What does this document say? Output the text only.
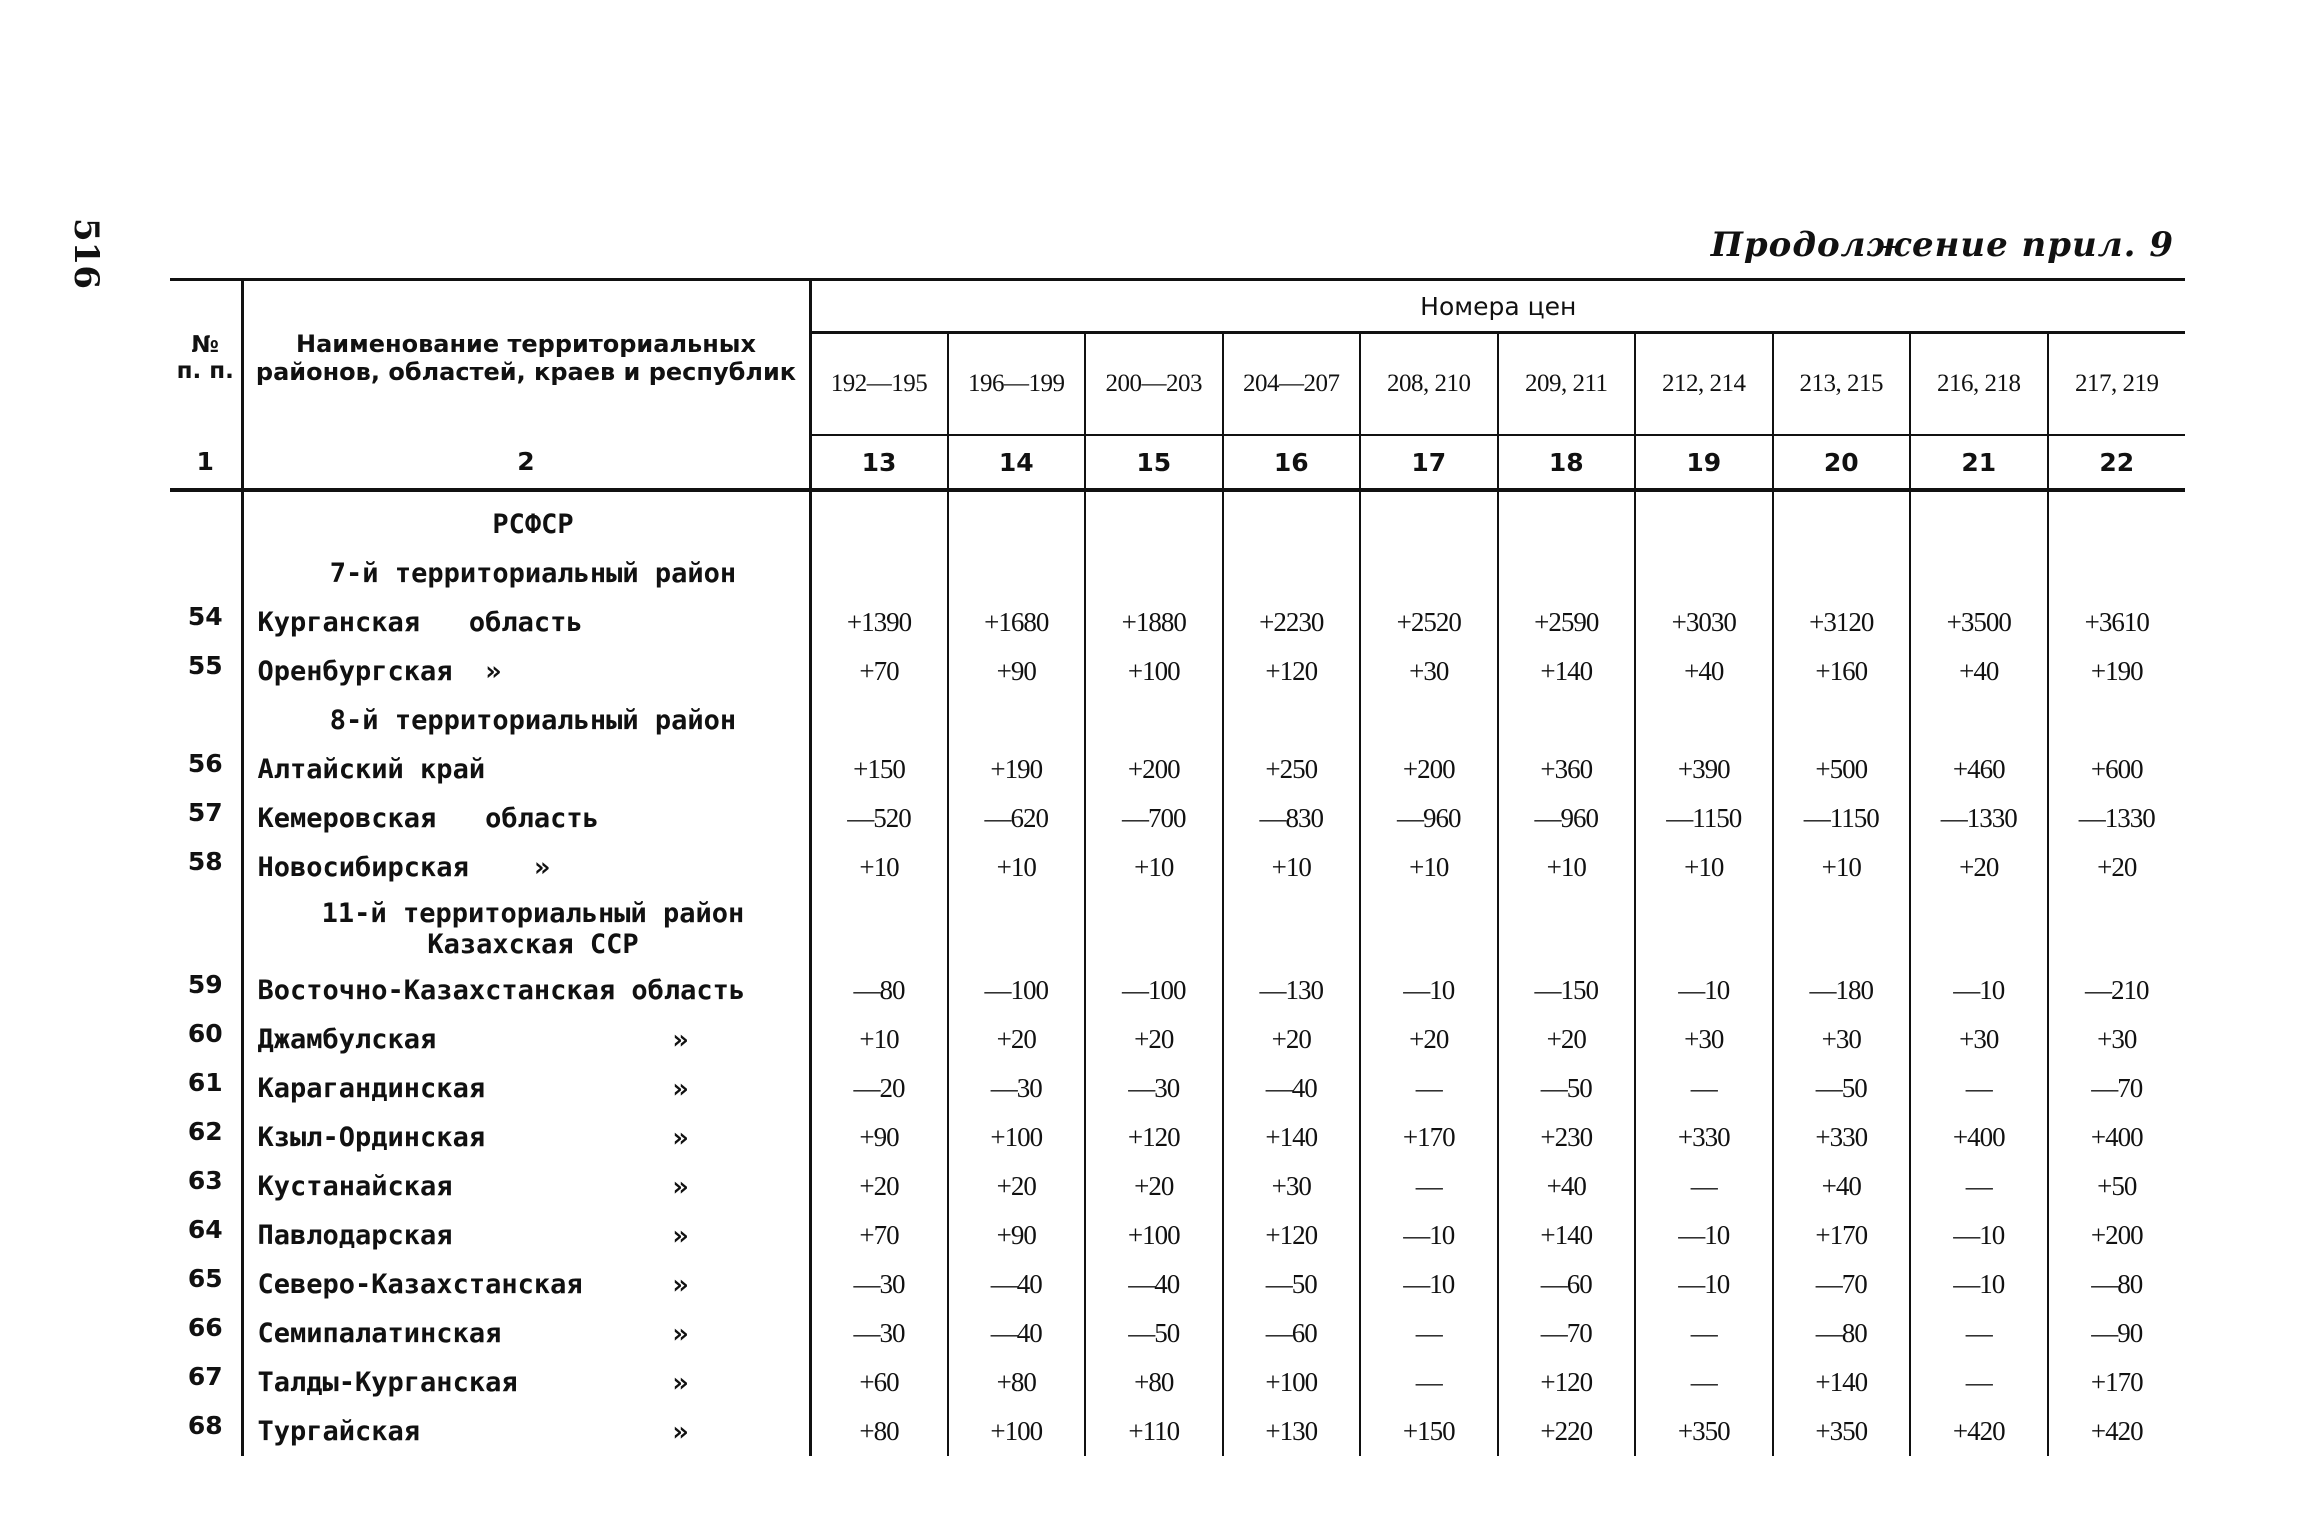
516	Продолжение прил. 9
№
п. п.	Наименование территориальных районов, областей, краев и республик	Номера цен									
		192—195	196—199	200—203	204—207	208, 210	209, 211	212, 214	213, 215	216, 218	217, 219
1	2	13	14	15	16	17	18	19	20	21	22

	РСФСР										

	7-й территориальный район										

54	Курганская   область	+1390	+1680	+1880	+2230	+2520	+2590	+3030	+3120	+3500	+3610
55	Оренбургская  »	+70	+90	+100	+120	+30	+140	+40	+160	+40	+190

	8-й территориальный район										

56	Алтайский край	+150	+190	+200	+250	+200	+360	+390	+500	+460	+600
57	Кемеровская   область	—520	—620	—700	—830	—960	—960	—1150	—1150	—1330	—1330
58	Новосибирская    »	+10	+10	+10	+10	+10	+10	+10	+10	+20	+20

	11-й территориальный район
Казахская ССР										

59	Восточно-Казахстанская область	—80	—100	—100	—130	—10	—150	—10	—180	—10	—210
60	Джамбулская »	+10	+20	+20	+20	+20	+20	+30	+30	+30	+30
61	Карагандинская »	—20	—30	—30	—40	—	—50	—	—50	—	—70
62	Кзыл-Ординская »	+90	+100	+120	+140	+170	+230	+330	+330	+400	+400
63	Кустанайская »	+20	+20	+20	+30	—	+40	—	+40	—	+50
64	Павлодарская »	+70	+90	+100	+120	—10	+140	—10	+170	—10	+200
65	Северо-Казахстанская »	—30	—40	—40	—50	—10	—60	—10	—70	—10	—80
66	Семипалатинская »	—30	—40	—50	—60	—	—70	—	—80	—	—90
67	Талды-Курганская »	+60	+80	+80	+100	—	+120	—	+140	—	+170
68	Тургайская »	+80	+100	+110	+130	+150	+220	+350	+350	+420	+420
